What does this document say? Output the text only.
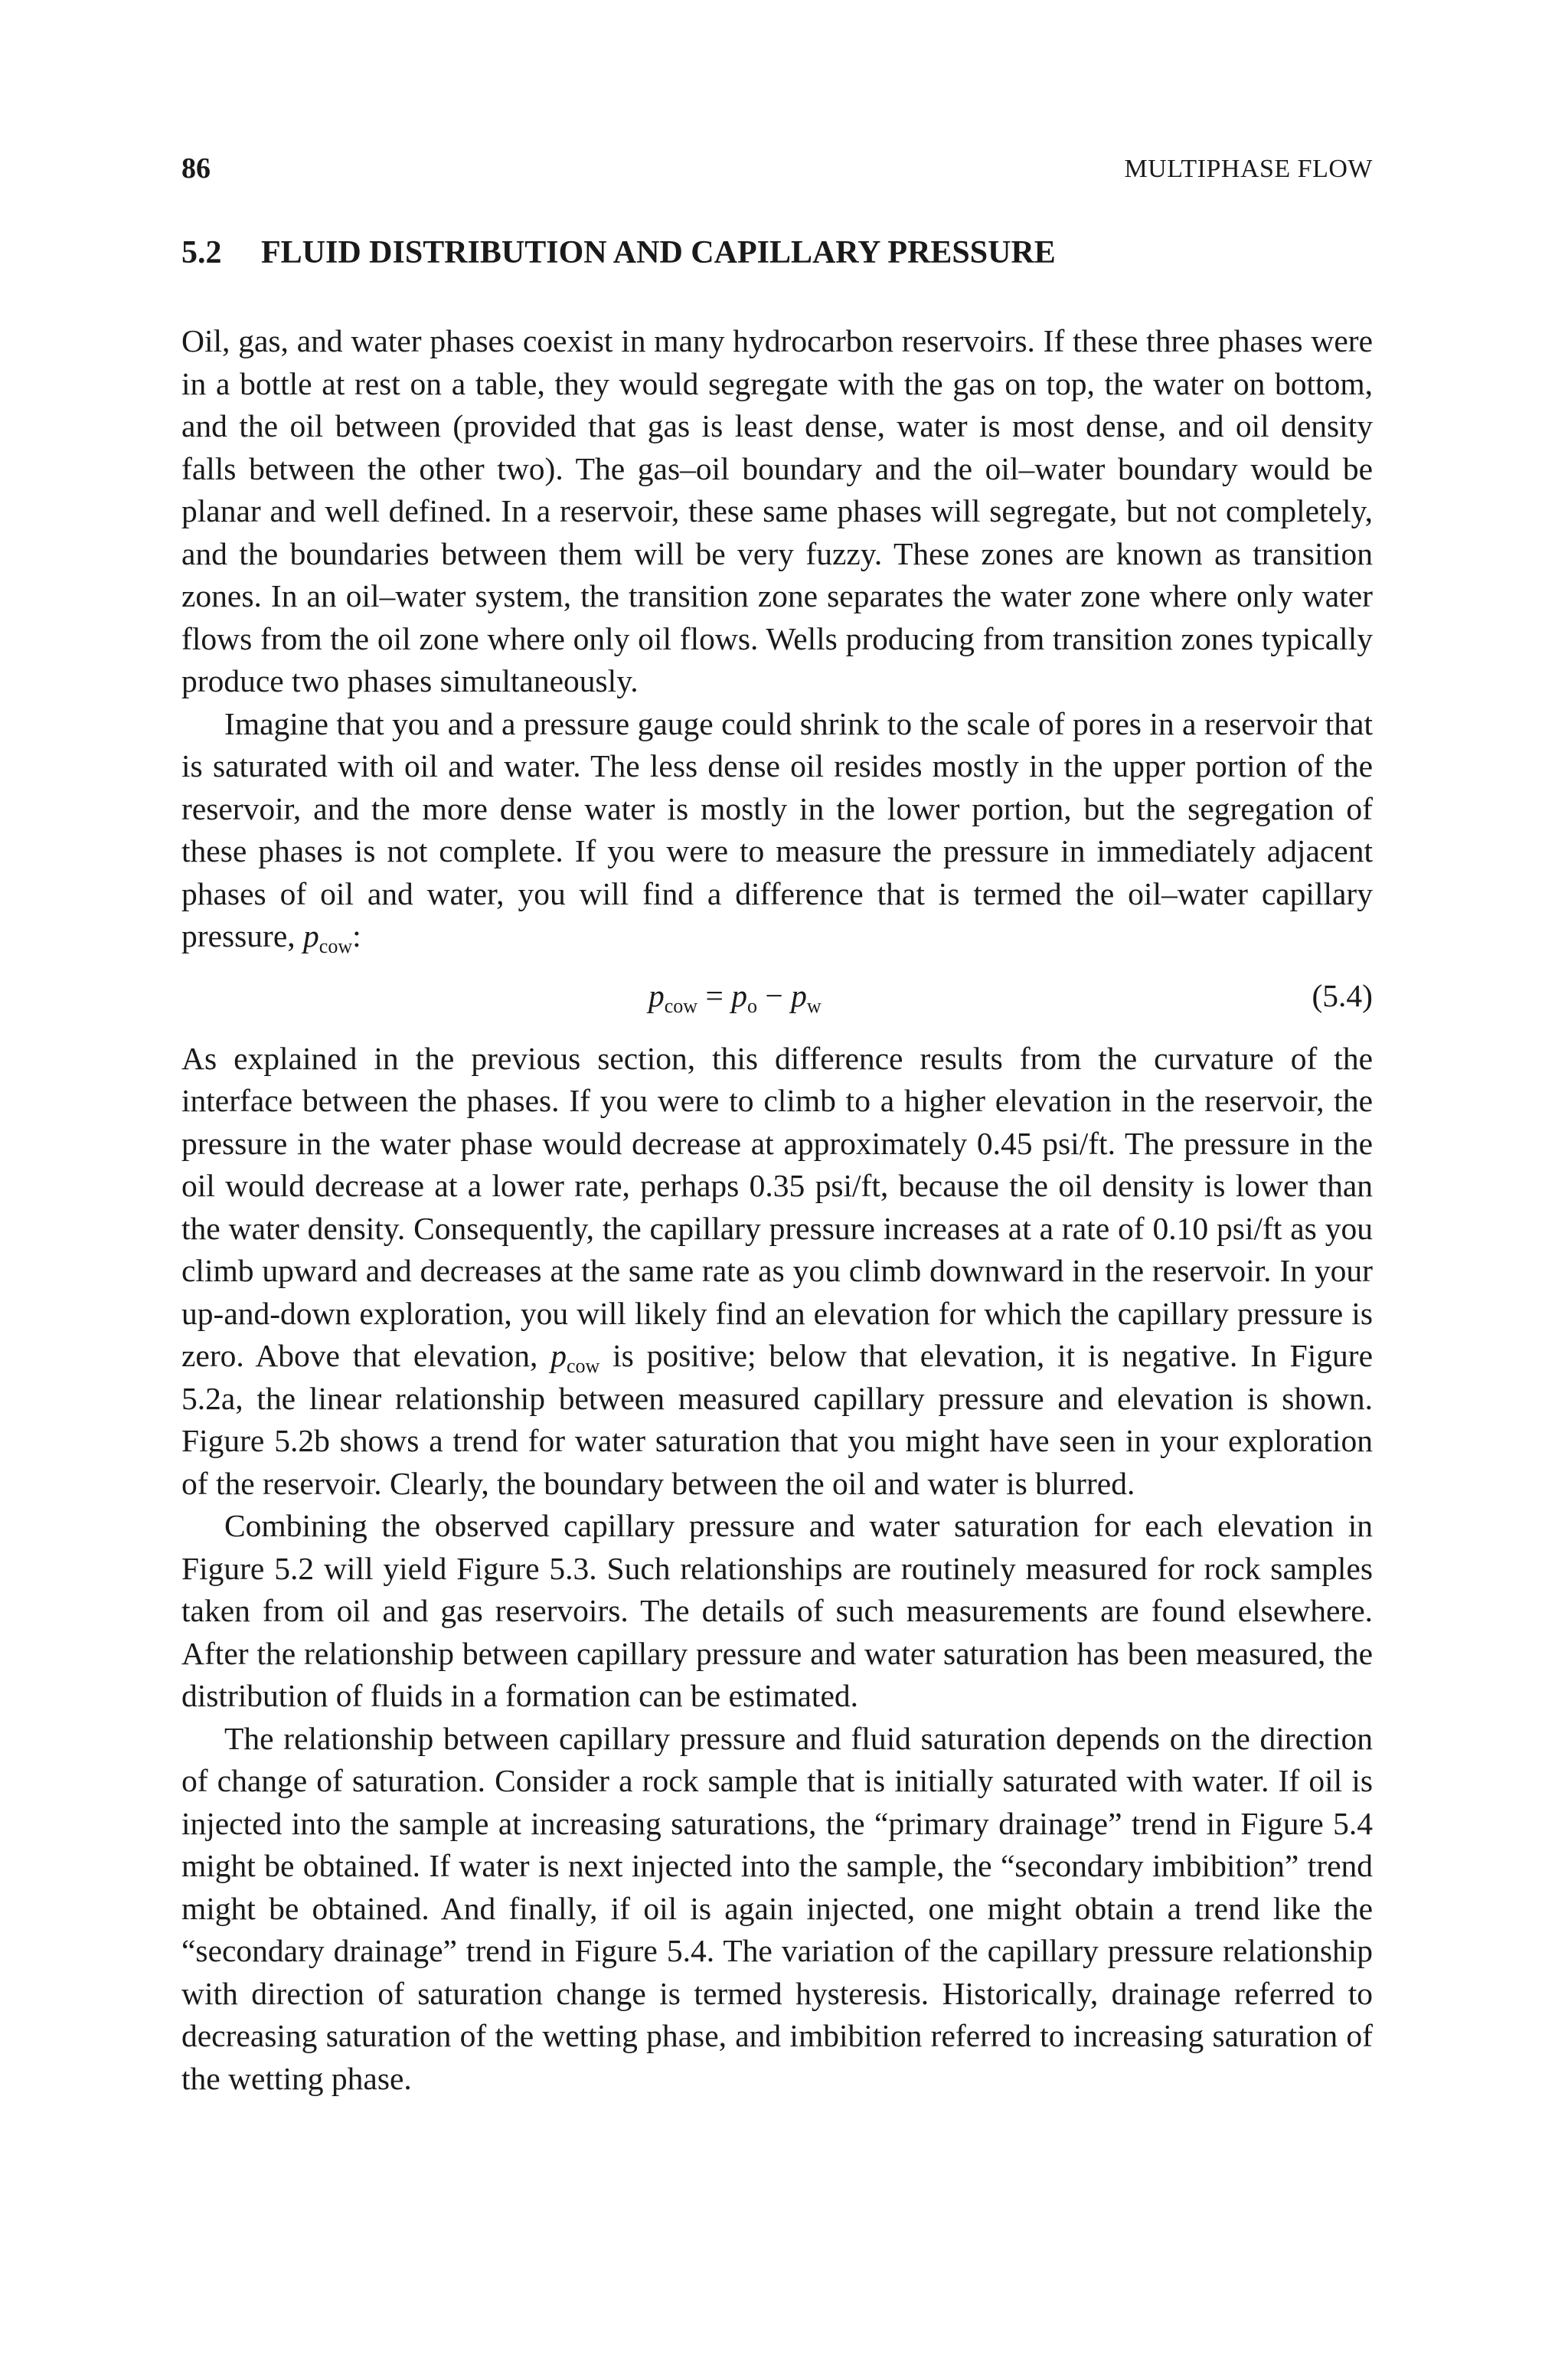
86	MULTIPHASE FLOW
5.2 FLUID DISTRIBUTION AND CAPILLARY PRESSURE

Oil, gas, and water phases coexist in many hydrocarbon reservoirs. If these three phases were in a bottle at rest on a table, they would segregate with the gas on top, the water on bottom, and the oil between (provided that gas is least dense, water is most dense, and oil density falls between the other two). The gas–oil boundary and the oil–water boundary would be planar and well defined. In a reservoir, these same phases will segregate, but not completely, and the boundaries between them will be very fuzzy. These zones are known as transition zones. In an oil–water system, the transition zone separates the water zone where only water flows from the oil zone where only oil flows. Wells producing from transition zones typically produce two phases simultaneously.

Imagine that you and a pressure gauge could shrink to the scale of pores in a reservoir that is saturated with oil and water. The less dense oil resides mostly in the upper portion of the reservoir, and the more dense water is mostly in the lower portion, but the segregation of these phases is not complete. If you were to measure the pressure in immediately adjacent phases of oil and water, you will find a difference that is termed the oil–water capillary pressure, $p_{cow}$:

$p_{cow} = p_o - p_w$	(5.4)

As explained in the previous section, this difference results from the curvature of the interface between the phases. If you were to climb to a higher elevation in the reservoir, the pressure in the water phase would decrease at approximately 0.45 psi/ft. The pressure in the oil would decrease at a lower rate, perhaps 0.35 psi/ft, because the oil density is lower than the water density. Consequently, the capillary pressure increases at a rate of 0.10 psi/ft as you climb upward and decreases at the same rate as you climb downward in the reservoir. In your up-and-down exploration, you will likely find an elevation for which the capillary pressure is zero. Above that elevation, $p_{cow}$ is positive; below that elevation, it is negative. In Figure 5.2a, the linear relationship between measured capillary pressure and elevation is shown. Figure 5.2b shows a trend for water saturation that you might have seen in your exploration of the reservoir. Clearly, the boundary between the oil and water is blurred.

Combining the observed capillary pressure and water saturation for each elevation in Figure 5.2 will yield Figure 5.3. Such relationships are routinely measured for rock samples taken from oil and gas reservoirs. The details of such measurements are found elsewhere. After the relationship between capillary pressure and water saturation has been measured, the distribution of fluids in a formation can be estimated.

The relationship between capillary pressure and fluid saturation depends on the direction of change of saturation. Consider a rock sample that is initially saturated with water. If oil is injected into the sample at increasing saturations, the “primary drainage” trend in Figure 5.4 might be obtained. If water is next injected into the sample, the “secondary imbibition” trend might be obtained. And finally, if oil is again injected, one might obtain a trend like the “secondary drainage” trend in Figure 5.4. The variation of the capillary pressure relationship with direction of saturation change is termed hysteresis. Historically, drainage referred to decreasing saturation of the wetting phase, and imbibition referred to increasing saturation of the wetting phase.
